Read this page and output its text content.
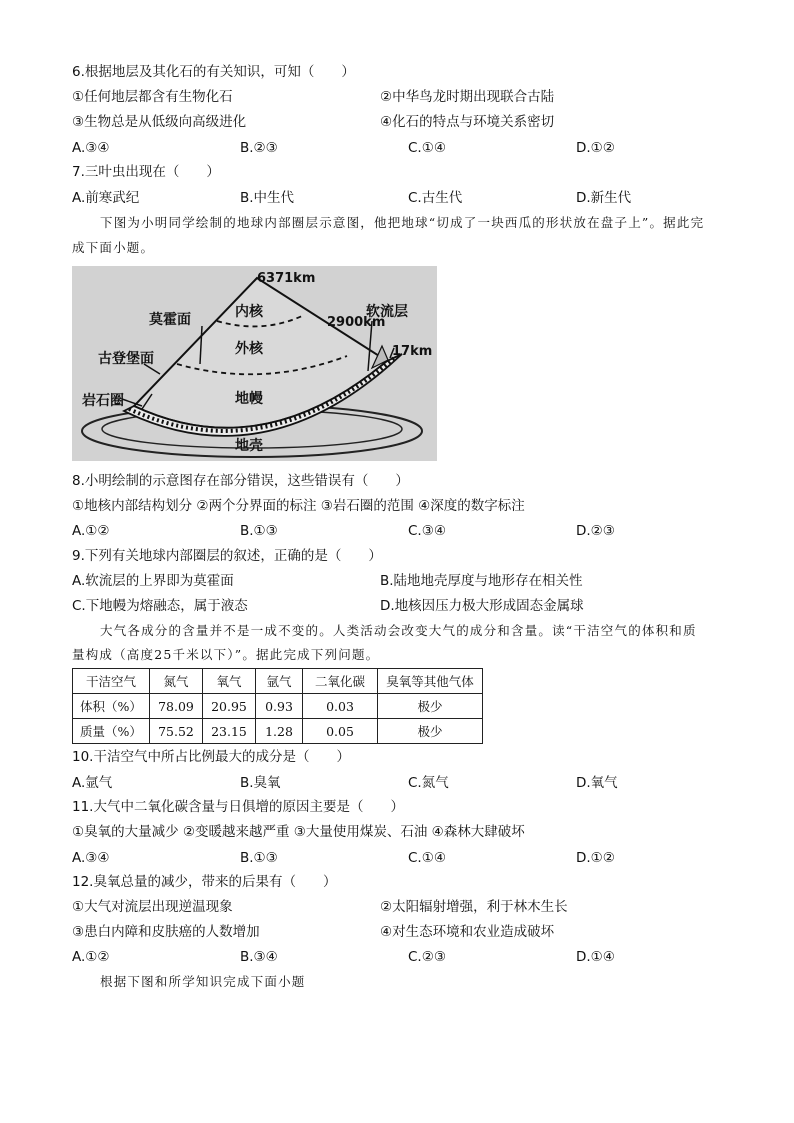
6.根据地层及其化石的有关知识，可知（　　）
①任何地层都含有生物化石	②中华鸟龙时期出现联合古陆
③生物总是从低级向高级进化	④化石的特点与环境关系密切
A.③④	B.②③	C.①④	D.①②
7.三叶虫出现在（　　）
A.前寒武纪	B.中生代	C.古生代	D.新生代
下图为小明同学绘制的地球内部圈层示意图，他把地球“切成了一块西瓜的形状放在盘子上”。据此完
成下面小题。
6371km
内核
莫霍面	2900km
软流层
外核
古登堡面	17km
岩石圈	地幔
地壳
8.小明绘制的示意图存在部分错误，这些错误有（　　）
①地核内部结构划分 ②两个分界面的标注 ③岩石圈的范围 ④深度的数字标注
A.①②	B.①③	C.③④	D.②③
9.下列有关地球内部圈层的叙述，正确的是（　　）
A.软流层的上界即为莫霍面	B.陆地地壳厚度与地形存在相关性
C.下地幔为熔融态，属于液态	D.地核因压力极大形成固态金属球
大气各成分的含量并不是一成不变的。人类活动会改变大气的成分和含量。读“干洁空气的体积和质
量构成（高度25千米以下）”。据此完成下列问题。
干洁空气	氮气	氧气	氩气	二氧化碳	臭氧等其他气体
体积（%）	78.09	20.95	0.93	0.03	极少
质量（%）	75.52	23.15	1.28	0.05	极少
10.干洁空气中所占比例最大的成分是（　　）
A.氩气	B.臭氧	C.氮气	D.氧气
11.大气中二氧化碳含量与日俱增的原因主要是（　　）
①臭氧的大量减少 ②变暖越来越严重 ③大量使用煤炭、石油 ④森林大肆破坏
A.③④	B.①③	C.①④	D.①②
12.臭氧总量的减少，带来的后果有（　　）
①大气对流层出现逆温现象	②太阳辐射增强，利于林木生长
③患白内障和皮肤癌的人数增加	④对生态环境和农业造成破坏
A.①②	B.③④	C.②③	D.①④
根据下图和所学知识完成下面小题
